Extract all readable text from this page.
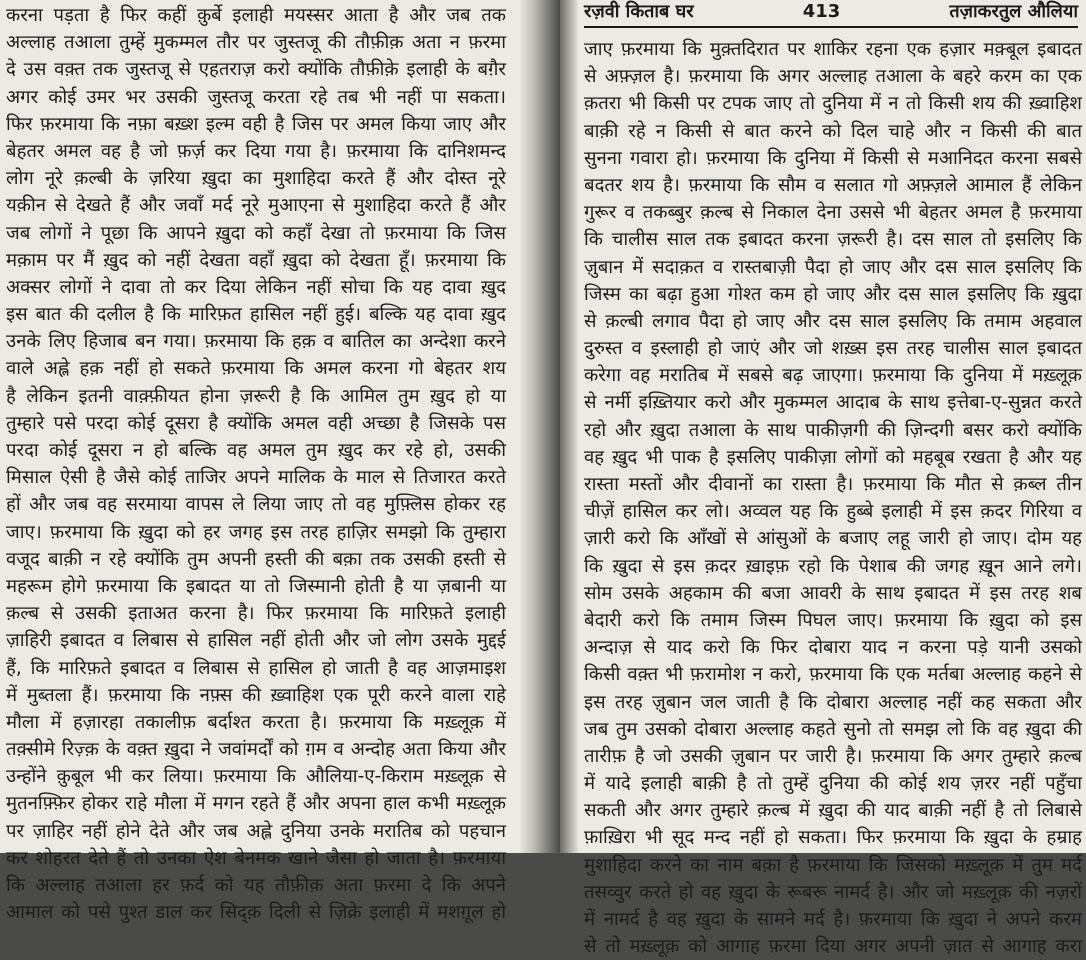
करना पड़ता है फिर कहीं क़ुर्बे इलाही मयस्सर आता है और जब तक
अल्लाह तआला तुम्हें मुकम्मल तौर पर जुस्तजू की तौफ़ीक़ अता न फ़रमा
दे उस वक़्त तक जुस्तजू से एहतराज़ करो क्योंकि तौफ़ीक़े इलाही के बग़ैर
अगर कोई उमर भर उसकी जुस्तजू करता रहे तब भी नहीं पा सकता।
फिर फ़रमाया कि नफ़ा बख़्श इल्म वही है जिस पर अमल किया जाए और
बेहतर अमल वह है जो फ़र्ज़ कर दिया गया है। फ़रमाया कि दानिशमन्द
लोग नूरे क़ल्बी के ज़रिया ख़ुदा का मुशाहिदा करते हैं और दोस्त नूरे
यक़ीन से देखते हैं और जवाँ मर्द नूरे मुआएना से मुशाहिदा करते हैं और
जब लोगों ने पूछा कि आपने ख़ुदा को कहाँ देखा तो फ़रमाया कि जिस
मक़ाम पर मैं ख़ुद को नहीं देखता वहाँ ख़ुदा को देखता हूँ। फ़रमाया कि
अक्सर लोगों ने दावा तो कर दिया लेकिन नहीं सोचा कि यह दावा ख़ुद
इस बात की दलील है कि मारिफ़त हासिल नहीं हुई। बल्कि यह दावा ख़ुद
उनके लिए हिजाब बन गया। फ़रमाया कि हक़ व बातिल का अन्देशा करने
वाले अह्ले हक़ नहीं हो सकते फ़रमाया कि अमल करना गो बेहतर शय
है लेकिन इतनी वाक़्फ़ीयत होना ज़रूरी है कि आमिल तुम ख़ुद हो या
तुम्हारे पसे परदा कोई दूसरा है क्योंकि अमल वही अच्छा है जिसके पस
परदा कोई दूसरा न हो बल्कि वह अमल तुम ख़ुद कर रहे हो, उसकी
मिसाल ऐसी है जैसे कोई ताजिर अपने मालिक के माल से तिजारत करते
हों और जब वह सरमाया वापस ले लिया जाए तो वह मुफ़्लिस होकर रह
जाए। फ़रमाया कि ख़ुदा को हर जगह इस तरह हाज़िर समझो कि तुम्हारा
वजूद बाक़ी न रहे क्योंकि तुम अपनी हस्ती की बक़ा तक उसकी हस्ती से
महरूम होगे फ़रमाया कि इबादत या तो जिस्मानी होती है या ज़बानी या
क़ल्ब से उसकी इताअत करना है। फिर फ़रमाया कि मारिफ़ते इलाही
ज़ाहिरी इबादत व लिबास से हासिल नहीं होती और जो लोग उसके मुद्दई
हैं, कि मारिफ़ते इबादत व लिबास से हासिल हो जाती है वह आज़माइश
में मुब्तला हैं। फ़रमाया कि नफ़्स की ख़्वाहिश एक पूरी करने वाला राहे
मौला में हज़ारहा तकालीफ़ बर्दाश्त करता है। फ़रमाया कि मख़्लूक़ में
तक़्सीमे रिज़्क़ के वक़्त ख़ुदा ने जवांमर्दों को ग़म व अन्दोह अता किया और
उन्होंने क़ुबूल भी कर लिया। फ़रमाया कि औलिया-ए-किराम मख़्लूक़ से
मुतनफ़्फ़िर होकर राहे मौला में मगन रहते हैं और अपना हाल कभी मख़्लूक़
पर ज़ाहिर नहीं होने देते और जब अह्ले दुनिया उनके मरातिब को पहचान
कर शोहरत देते हैं तो उनका ऐश बेनमक खाने जैसा हो जाता है। फ़रमाया
कि अल्लाह तआला हर फ़र्द को यह तौफ़ीक़ अता फ़रमा दे कि अपने
आमाल को पसे पुश्त डाल कर सिद्क़ दिली से ज़िक्रे इलाही में मशग़ूल हो
रज़वी किताब घर	413	तज़ाकरतुल औलिया
जाए फ़रमाया कि मुक़्तदिरात पर शाकिर रहना एक हज़ार मक़्बूल इबादत
से अफ़्ज़ल है। फ़रमाया कि अगर अल्लाह तआला के बहरे करम का एक
क़तरा भी किसी पर टपक जाए तो दुनिया में न तो किसी शय की ख़्वाहिश
बाक़ी रहे न किसी से बात करने को दिल चाहे और न किसी की बात
सुनना गवारा हो। फ़रमाया कि दुनिया में किसी से मआनिदत करना सबसे
बदतर शय है। फ़रमाया कि सौम व सलात गो अफ़्ज़ले आमाल हैं लेकिन
गुरूर व तकब्बुर क़ल्ब से निकाल देना उससे भी बेहतर अमल है फ़रमाया
कि चालीस साल तक इबादत करना ज़रूरी है। दस साल तो इसलिए कि
ज़ुबान में सदाक़त व रास्तबाज़ी पैदा हो जाए और दस साल इसलिए कि
जिस्म का बढ़ा हुआ गोश्त कम हो जाए और दस साल इसलिए कि ख़ुदा
से क़ल्बी लगाव पैदा हो जाए और दस साल इसलिए कि तमाम अहवाल
दुरुस्त व इस्लाही हो जाएं और जो शख़्स इस तरह चालीस साल इबादत
करेगा वह मरातिब में सबसे बढ़ जाएगा। फ़रमाया कि दुनिया में मख़्लूक़
से नर्मी इख़्तियार करो और मुकम्मल आदाब के साथ इत्तेबा-ए-सुन्नत करते
रहो और ख़ुदा तआला के साथ पाकीज़गी की ज़िन्दगी बसर करो क्योंकि
वह ख़ुद भी पाक है इसलिए पाकीज़ा लोगों को महबूब रखता है और यह
रास्ता मस्तों और दीवानों का रास्ता है। फ़रमाया कि मौत से क़ब्ल तीन
चीज़ें हासिल कर लो। अव्वल यह कि हुब्बे इलाही में इस क़दर गिरिया व
ज़ारी करो कि आँखों से आंसुओं के बजाए लहू जारी हो जाए। दोम यह
कि ख़ुदा से इस क़दर ख़ाइफ़ रहो कि पेशाब की जगह ख़ून आने लगे।
सोम उसके अहकाम की बजा आवरी के साथ इबादत में इस तरह शब
बेदारी करो कि तमाम जिस्म पिघल जाए। फ़रमाया कि ख़ुदा को इस
अन्दाज़ से याद करो कि फिर दोबारा याद न करना पड़े यानी उसको
किसी वक़्त भी फ़रामोश न करो, फ़रमाया कि एक मर्तबा अल्लाह कहने से
इस तरह ज़ुबान जल जाती है कि दोबारा अल्लाह नहीं कह सकता और
जब तुम उसको दोबारा अल्लाह कहते सुनो तो समझ लो कि वह ख़ुदा की
तारीफ़ है जो उसकी ज़ुबान पर जारी है। फ़रमाया कि अगर तुम्हारे क़ल्ब
में यादे इलाही बाक़ी है तो तुम्हें दुनिया की कोई शय ज़रर नहीं पहुँचा
सकती और अगर तुम्हारे क़ल्ब में ख़ुदा की याद बाक़ी नहीं है तो लिबासे
फ़ाख़िरा भी सूद मन्द नहीं हो सकता। फिर फ़रमाया कि ख़ुदा के हम्राह
मुशाहिदा करने का नाम बक़ा है फ़रमाया कि जिसको मख़्लूक़ में तुम मर्द
तसव्वुर करते हो वह ख़ुदा के रूबरू नामर्द है। और जो मख़्लूक़ की नज़रों
में नामर्द है वह ख़ुदा के सामने मर्द है। फ़रमाया कि ख़ुदा ने अपने करम
से तो मख़्लूक़ को आगाह फ़रमा दिया अगर अपनी ज़ात से आगाह करा
